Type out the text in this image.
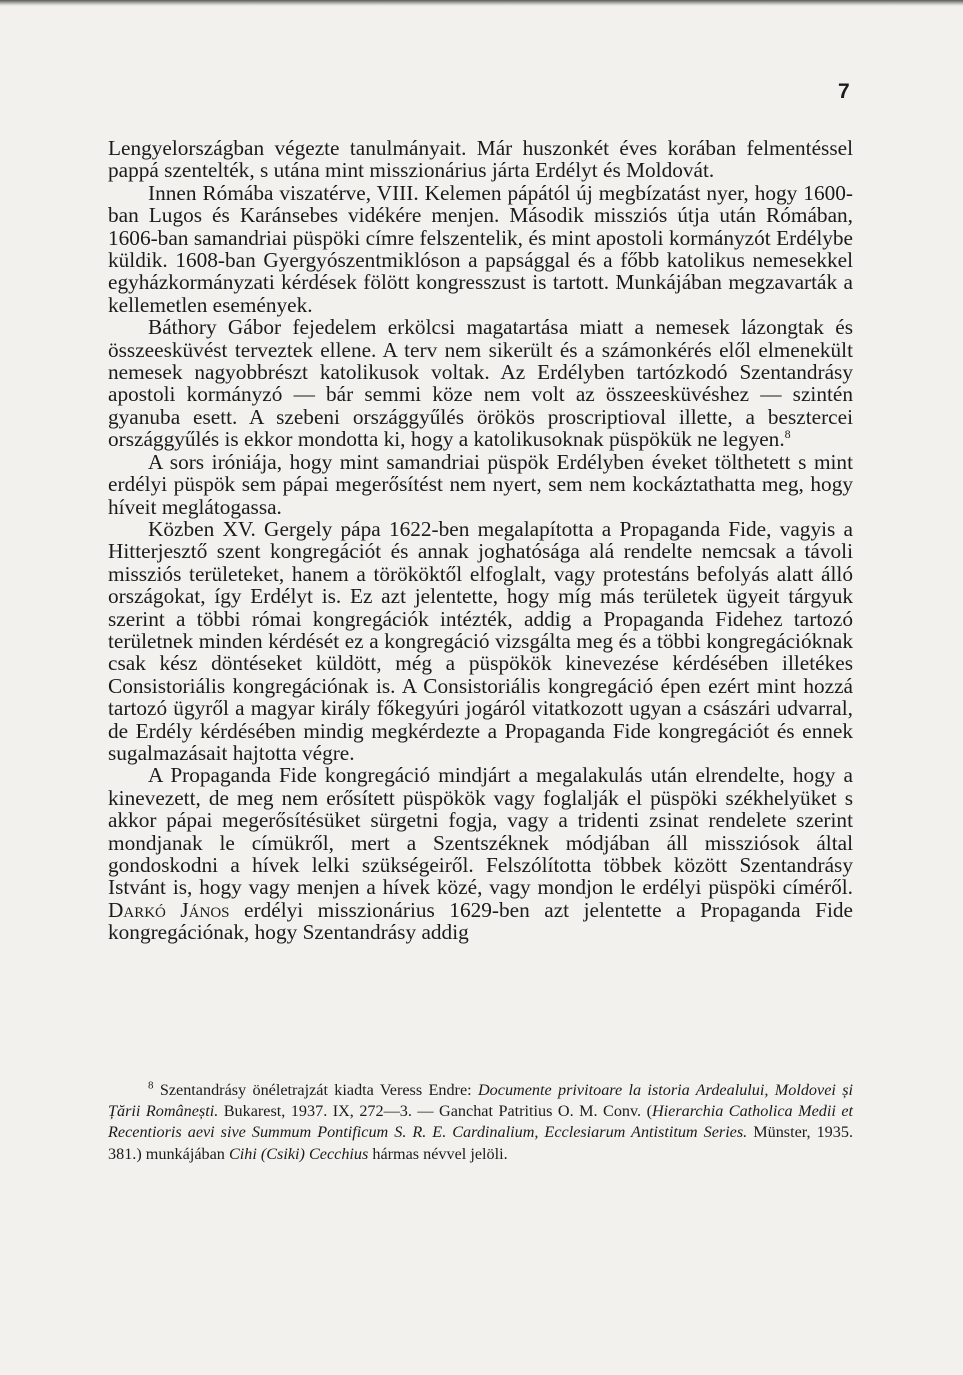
7

Lengyelországban végezte tanulmányait. Már huszonkét éves korában felmentéssel pappá szentelték, s utána mint misszionárius járta Erdélyt és Moldovát.

Innen Rómába viszatérve, VIII. Kelemen pápától új megbízatást nyer, hogy 1600-ban Lugos és Karánsebes vidékére menjen. Második missziós útja után Rómában, 1606-ban samandriai püspöki címre felszentelik, és mint apostoli kormányzót Erdélybe küldik. 1608-ban Gyergyószentmiklóson a papsággal és a főbb katolikus nemesekkel egyházkormányzati kérdések fölött kongresszust is tartott. Munkájában megzavarták a kellemetlen események.

Báthory Gábor fejedelem erkölcsi magatartása miatt a nemesek lázongtak és összeesküvést terveztek ellene. A terv nem sikerült és a számonkérés elől elmenekült nemesek nagyobbrészt katolikusok voltak. Az Erdélyben tartózkodó Szentandrásy apostoli kormányzó — bár semmi köze nem volt az összeesküvéshez — szintén gyanuba esett. A szebeni országgyűlés örökös proscriptioval illette, a besztercei országgyűlés is ekkor mondotta ki, hogy a katolikusoknak püspökük ne legyen.$^8$

A sors iróniája, hogy mint samandriai püspök Erdélyben éveket tölthetett s mint erdélyi püspök sem pápai megerősítést nem nyert, sem nem kockáztathatta meg, hogy híveit meglátogassa.

Közben XV. Gergely pápa 1622-ben megalapította a Propaganda Fide, vagyis a Hitterjesztő szent kongregációt és annak joghatósága alá rendelte nemcsak a távoli missziós területeket, hanem a törököktől elfoglalt, vagy protestáns befolyás alatt álló országokat, így Erdélyt is. Ez azt jelentette, hogy míg más területek ügyeit tárgyuk szerint a többi római kongregációk intézték, addig a Propaganda Fidehez tartozó területnek minden kérdését ez a kongregáció vizsgálta meg és a többi kongregációknak csak kész döntéseket küldött, még a püspökök kinevezése kérdésében illetékes Consistoriális kongregációnak is. A Consistoriális kongregáció épen ezért mint hozzá tartozó ügyről a magyar király főkegyúri jogáról vitatkozott ugyan a császári udvarral, de Erdély kérdésében mindig megkérdezte a Propaganda Fide kongregációt és ennek sugalmazásait hajtotta végre.

A Propaganda Fide kongregáció mindjárt a megalakulás után elrendelte, hogy a kinevezett, de meg nem erősített püspökök vagy foglalják el püspöki székhelyüket s akkor pápai megerősítésüket sürgetni fogja, vagy a tridenti zsinat rendelete szerint mondjanak le címükről, mert a Szentszéknek módjában áll missziósok által gondoskodni a hívek lelki szükségeiről. Felszólította többek között Szentandrásy Istvánt is, hogy vagy menjen a hívek közé, vagy mondjon le erdélyi püspöki címéről. Darkó János erdélyi misszionárius 1629-ben azt jelentette a Propaganda Fide kongregációnak, hogy Szentandrásy addig

$^8$ Szentandrásy önéletrajzát kiadta Veress Endre: Documente privitoare la istoria Ardealului, Moldovei și Țării Românești. Bukarest, 1937. IX, 272—3. — Ganchat Patritius O. M. Conv. (Hierarchia Catholica Medii et Recentioris aevi sive Summum Pontificum S. R. E. Cardinalium, Ecclesiarum Antistitum Series. Münster, 1935. 381.) munkájában Cihi (Csiki) Cecchius hármas névvel jelöli.
